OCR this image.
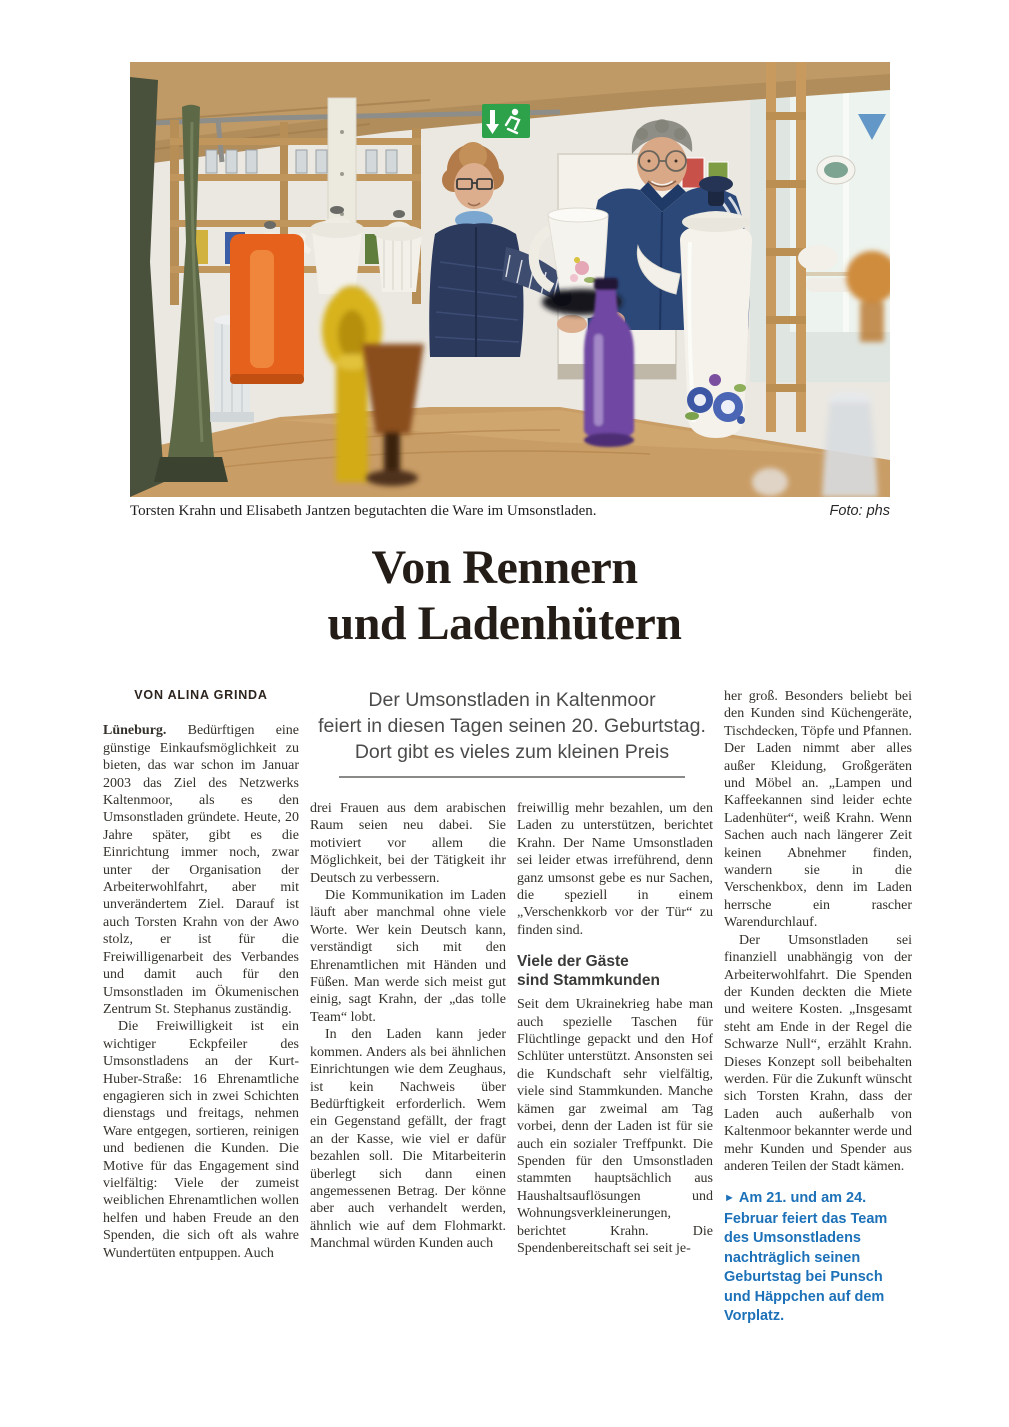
Torsten Krahn und Elisabeth Jantzen begutachten die Ware im Umsonstladen.	Foto: phs
Von Rennern
und Ladenhütern
Der Umsonstladen in Kaltenmoor
feiert in diesen Tagen seinen 20. Geburtstag.
Dort gibt es vieles zum kleinen Preis
VON ALINA GRINDA

Lüneburg. Bedürftigen eine günstige Einkaufsmöglichkeit zu bieten, das war schon im Januar 2003 das Ziel des Netzwerks Kaltenmoor, als es den Umsonstladen gründete. Heute, 20 Jahre später, gibt es die Einrichtung immer noch, zwar unter der Organisation der Arbeiterwohlfahrt, aber mit unverändertem Ziel. Darauf ist auch Torsten Krahn von der Awo stolz, er ist für die Freiwilligenarbeit des Verbandes und damit auch für den Umsonstladen im Ökumenischen Zentrum St. Stephanus zuständig.

Die Freiwilligkeit ist ein wichtiger Eckpfeiler des Umsonstladens an der Kurt-Huber-Straße: 16 Ehrenamtliche engagieren sich in zwei Schichten dienstags und freitags, nehmen Ware entgegen, sortieren, reinigen und bedienen die Kunden. Die Motive für das Engagement sind vielfältig: Viele der zumeist weiblichen Ehrenamtlichen wollen helfen und haben Freude an den Spenden, die sich oft als wahre Wundertüten entpuppen. Auch

drei Frauen aus dem arabischen Raum seien neu dabei. Sie motiviert vor allem die Möglichkeit, bei der Tätigkeit ihr Deutsch zu verbessern.

Die Kommunikation im Laden läuft aber manchmal ohne viele Worte. Wer kein Deutsch kann, verständigt sich mit den Ehrenamtlichen mit Händen und Füßen. Man werde sich meist gut einig, sagt Krahn, der „das tolle Team“ lobt.

In den Laden kann jeder kommen. Anders als bei ähnlichen Einrichtungen wie dem Zeughaus, ist kein Nachweis über Bedürftigkeit erforderlich. Wem ein Gegenstand gefällt, der fragt an der Kasse, wie viel er dafür bezahlen soll. Die Mitarbeiterin überlegt sich dann einen angemessenen Betrag. Der könne aber auch verhandelt werden, ähnlich wie auf dem Flohmarkt. Manchmal würden Kunden auch

freiwillig mehr bezahlen, um den Laden zu unterstützen, berichtet Krahn. Der Name Umsonstladen sei leider etwas irreführend, denn ganz umsonst gebe es nur Sachen, die speziell in einem „Verschenkkorb vor der Tür“ zu finden sind.

Viele der Gäste
sind Stammkunden

Seit dem Ukrainekrieg habe man auch spezielle Taschen für Flüchtlinge gepackt und den Hof Schlüter unterstützt. Ansonsten sei die Kundschaft sehr vielfältig, viele sind Stammkunden. Manche kämen gar zweimal am Tag vorbei, denn der Laden ist für sie auch ein sozialer Treffpunkt. Die Spenden für den Umsonstladen stammten hauptsächlich aus Haushaltsauflösungen und Wohnungsverkleinerungen, berichtet Krahn. Die Spendenbereitschaft sei seit je-

her groß. Besonders beliebt bei den Kunden sind Küchengeräte, Tischdecken, Töpfe und Pfannen. Der Laden nimmt aber alles außer Kleidung, Großgeräten und Möbel an. „Lampen und Kaffeekannen sind leider echte Ladenhüter“, weiß Krahn. Wenn Sachen auch nach längerer Zeit keinen Abnehmer finden, wandern sie in die Verschenkbox, denn im Laden herrsche ein rascher Warendurchlauf.

Der Umsonstladen sei finanziell unabhängig von der Arbeiterwohlfahrt. Die Spenden der Kunden deckten die Miete und weitere Kosten. „Insgesamt steht am Ende in der Regel die Schwarze Null“, erzählt Krahn. Dieses Konzept soll beibehalten werden. Für die Zukunft wünscht sich Torsten Krahn, dass der Laden auch außerhalb von Kaltenmoor bekannter werde und mehr Kunden und Spender aus anderen Teilen der Stadt kämen.

► Am 21. und am 24. Februar feiert das Team des Umsonstladens nachträglich seinen Geburtstag bei Punsch und Häppchen auf dem Vorplatz.
